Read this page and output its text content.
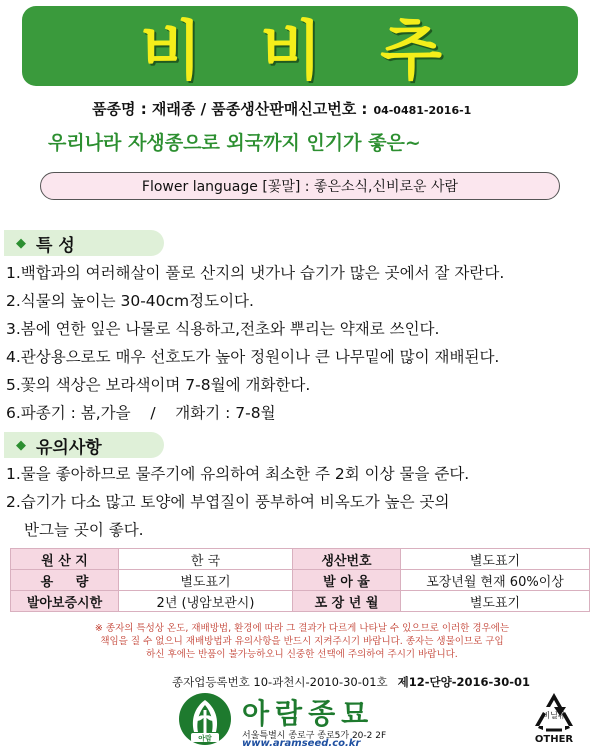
비 비 추
품종명 : 재래종 / 품종생산판매신고번호 : 04-0481-2016-1
우리나라 자생종으로 외국까지 인기가 좋은~
Flower language [꽃말] : 좋은소식,신비로운 사람
◆ 특 성
1.백합과의 여러해살이 풀로 산지의 냇가나 습기가 많은 곳에서 잘 자란다.
2.식물의 높이는 30-40cm정도이다.
3.봄에 연한 잎은 나물로 식용하고,전초와 뿌리는 약재로 쓰인다.
4.관상용으로도 매우 선호도가 높아 정원이나 큰 나무밑에 많이 재배된다.
5.꽃의 색상은 보라색이며 7-8월에 개화한다.
6.파종기 : 봄,가을    /    개화기 : 7-8월
◆ 유의사항
1.물을 좋아하므로 물주기에 유의하여 최소한 주 2회 이상 물을 준다.
2.습기가 다소 많고 토양에 부엽질이 풍부하여 비옥도가 높은 곳의
반그늘 곳이 좋다.
원 산 지	한 국	생산번호	별도표기
용     량	별도표기	발 아 율	포장년월 현재 60%이상
발아보증시한	2년 (냉암보관시)	포 장 년 월	별도표기
※ 종자의 특성상 온도, 재배방법, 환경에 따라 그 결과가 다르게 나타날 수 있으므로 이러한 경우에는
책임을 질 수 없으니 재배방법과 유의사항을 반드시 지켜주시기 바랍니다. 종자는 생물이므로 구입
하신 후에는 반품이 불가능하오니 신중한 선택에 주의하여 주시기 바랍니다.
종자업등록번호 10-과천시-2010-30-01호 제12-단양-2016-30-01
아람
아람종묘
서울특별시 종로구 종로5가 20-2 2F
www.aramseed.co.kr
비닐류
OTHER
